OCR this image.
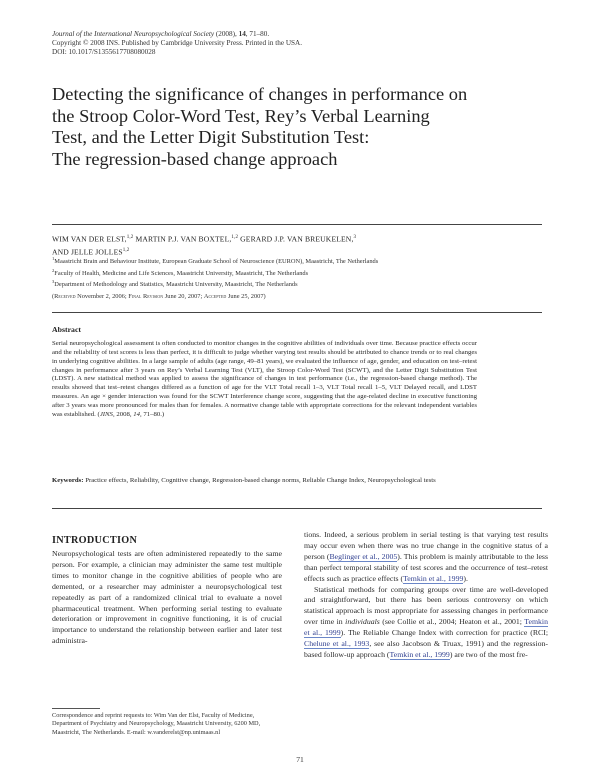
Journal of the International Neuropsychological Society (2008), 14, 71–80.

Copyright © 2008 INS. Published by Cambridge University Press. Printed in the USA.

DOI: 10.1017/S1355617708080028

Detecting the significance of changes in performance on
the Stroop Color-Word Test, Rey’s Verbal Learning
Test, and the Letter Digit Substitution Test:
The regression-based change approach
WIM VAN DER ELST,$^{1,2}$ MARTIN P.J. VAN BOXTEL,$^{1,2}$ GERARD J.P. VAN BREUKELEN,$^3$
AND JELLE JOLLES$^{1,2}$

$^1$Maastricht Brain and Behaviour Institute, European Graduate School of Neuroscience (EURON), Maastricht, The Netherlands

$^2$Faculty of Health, Medicine and Life Sciences, Maastricht University, Maastricht, The Netherlands

$^3$Department of Methodology and Statistics, Maastricht University, Maastricht, The Netherlands

(Received November 2, 2006; Final Revision June 20, 2007; Accepted June 25, 2007)

Abstract

Serial neuropsychological assessment is often conducted to monitor changes in the cognitive abilities of individuals over time. Because practice effects occur and the reliability of test scores is less than perfect, it is difficult to judge whether varying test results should be attributed to chance trends or to real changes in underlying cognitive abilities. In a large sample of adults (age range, 49–81 years), we evaluated the influence of age, gender, and education on test–retest changes in performance after 3 years on Rey’s Verbal Learning Test (VLT), the Stroop Color-Word Test (SCWT), and the Letter Digit Substitution Test (LDST). A new statistical method was applied to assess the significance of changes in test performance (i.e., the regression-based change method). The results showed that test–retest changes differed as a function of age for the VLT Total recall 1–3, VLT Total recall 1–5, VLT Delayed recall, and LDST measures. An age × gender interaction was found for the SCWT Interference change score, suggesting that the age-related decline in executive functioning after 3 years was more pronounced for males than for females. A normative change table with appropriate corrections for the relevant independent variables was established. (JINS, 2008, 14, 71–80.)

Keywords: Practice effects, Reliability, Cognitive change, Regression-based change norms, Reliable Change Index, Neuropsychological tests

INTRODUCTION

Neuropsychological tests are often administered repeatedly to the same person. For example, a clinician may administer the same test multiple times to monitor change in the cognitive abilities of people who are demented, or a researcher may administer a neuropsychological test repeatedly as part of a randomized clinical trial to evaluate a novel pharmaceutical treatment. When performing serial testing to evaluate deterioration or improvement in cognitive functioning, it is of crucial importance to understand the relationship between earlier and later test administra-

tions. Indeed, a serious problem in serial testing is that varying test results may occur even when there was no true change in the cognitive status of a person (Beglinger et al., 2005). This problem is mainly attributable to the less than perfect temporal stability of test scores and the occurrence of test–retest effects such as practice effects (Temkin et al., 1999).

Statistical methods for comparing groups over time are well-developed and straightforward, but there has been serious controversy on which statistical approach is most appropriate for assessing changes in performance over time in individuals (see Collie et al., 2004; Heaton et al., 2001; Temkin et al., 1999). The Reliable Change Index with correction for practice (RCI; Chelune et al., 1993, see also Jacobson & Truax, 1991) and the regression-based follow-up approach (Temkin et al., 1999) are two of the most fre-

Correspondence and reprint requests to: Wim Van der Elst, Faculty of Medicine, Department of Psychiatry and Neuropsychology, Maastricht University, 6200 MD, Maastricht, The Netherlands. E-mail: w.vanderelst@np.unimaas.nl

71
